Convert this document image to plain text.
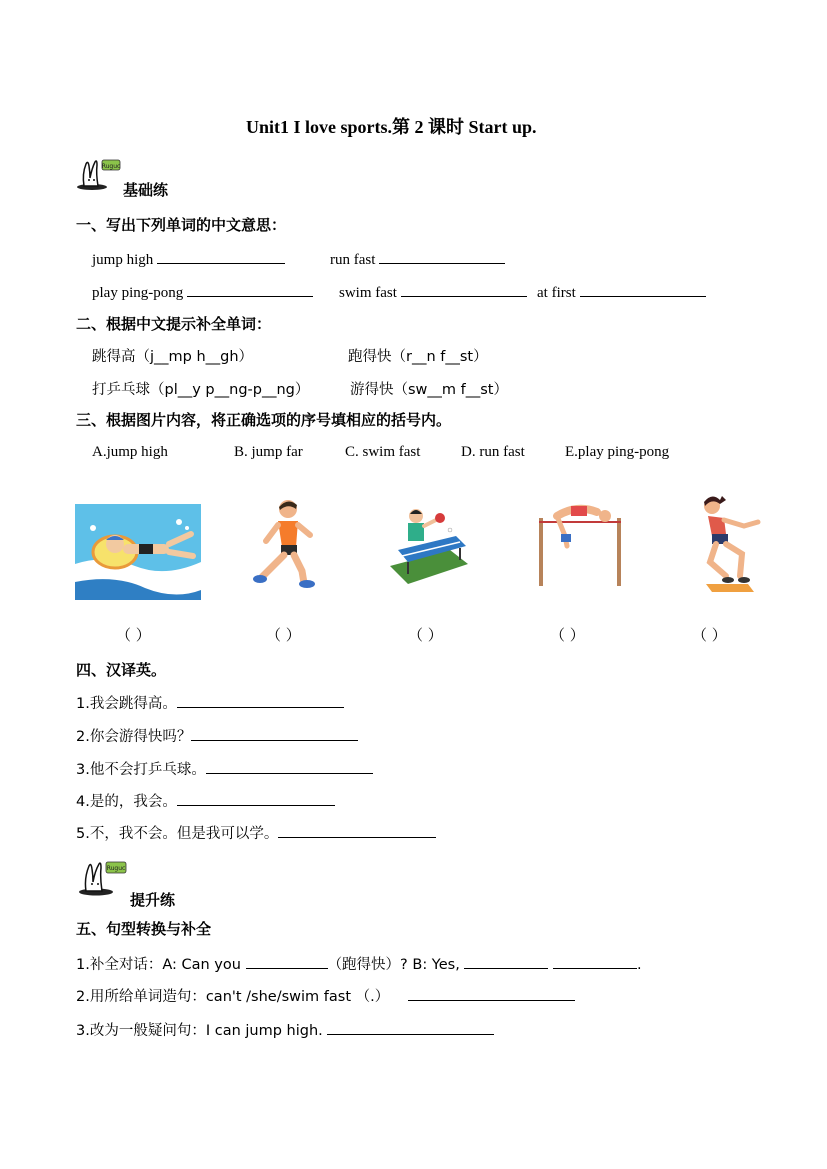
Unit1 I love sports.第 2 课时 Start up.
Ruguc
基础练
一、写出下列单词的中文意思：
jump high	run fast
play ping-pong	swim fast	at first
二、根据中文提示补全单词：
跳得高（j__mp h__gh）	跑得快（r__n f__st）
打乒乓球（pl__y p__ng-p__ng）	游得快（sw__m f__st）
三、根据图片内容，将正确选项的序号填相应的括号内。
A.jump high	B. jump far	C. swim fast	D. run fast	E.play ping-pong
（ ）	（ ）	（ ）	（ ）	（ ）
四、汉译英。
1.我会跳得高。
2.你会游得快吗？
3.他不会打乒乓球。
4.是的，我会。
5.不，我不会。但是我可以学。
Ruguc
提升练
五、句型转换与补全
1.补全对话：A: Can you	（跑得快）? B: Yes,	.
2.用所给单词造句：can't /she/swim fast （.）
3.改为一般疑问句：I can jump high.
